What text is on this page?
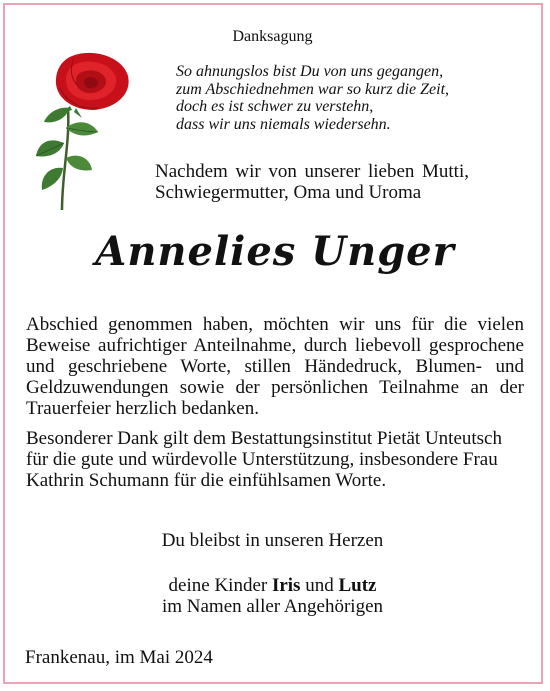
Danksagung
So ahnungslos bist Du von uns gegangen,
zum Abschiednehmen war so kurz die Zeit,
doch es ist schwer zu verstehn,
dass wir uns niemals wiedersehn.
Nachdem wir von unserer lieben Mutti, Schwiegermutter, Oma und Uroma
Annelies Unger
Abschied genommen haben, möchten wir uns für die vielen Beweise aufrichtiger Anteilnahme, durch liebevoll gesprochene und geschriebene Worte, stillen Händedruck, Blumen- und Geldzuwendungen sowie der persönlichen Teilnahme an der Trauerfeier herzlich bedanken.
Besonderer Dank gilt dem Bestattungsinstitut Pietät Unteutsch für die gute und würdevolle Unterstützung, insbesondere Frau Kathrin Schumann für die einfühlsamen Worte.
Du bleibst in unseren Herzen
deine Kinder Iris und Lutz
im Namen aller Angehörigen
Frankenau, im Mai 2024
